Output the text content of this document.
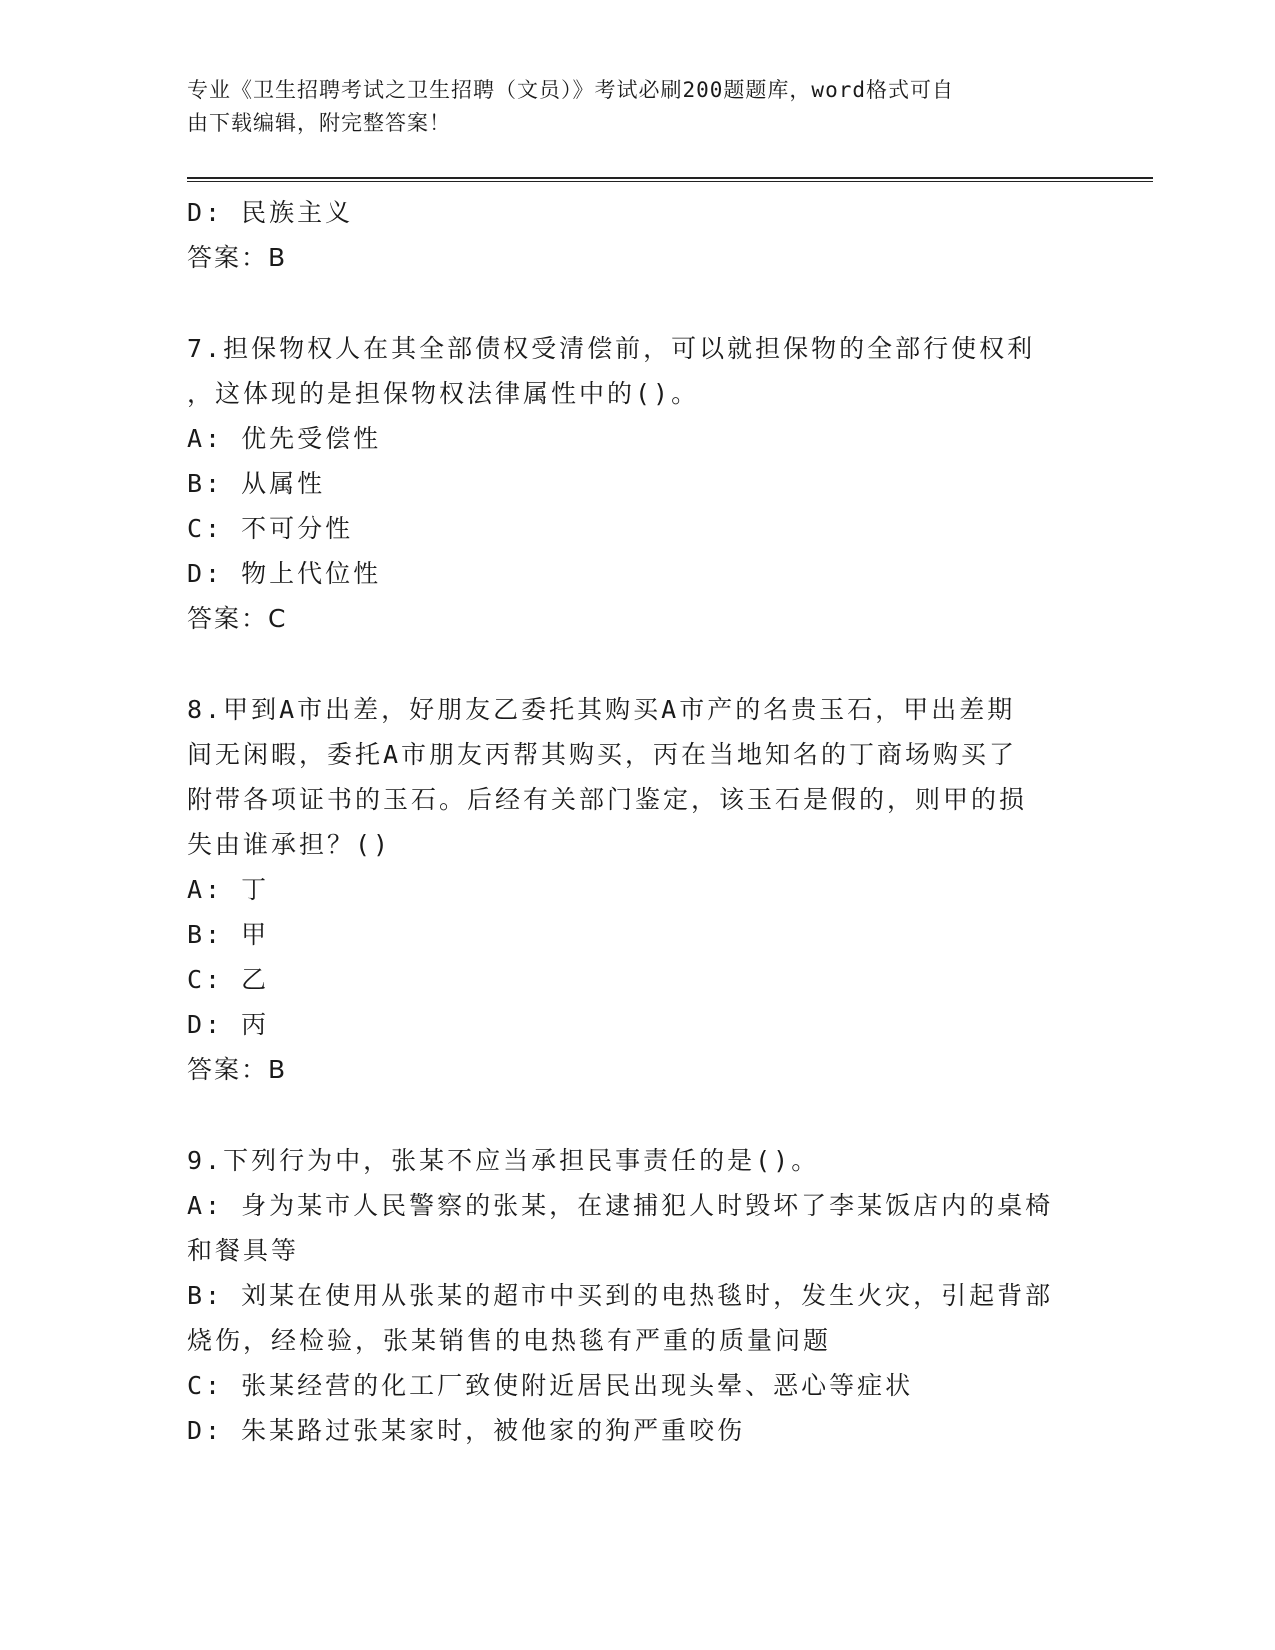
专业《卫生招聘考试之卫生招聘（文员）》考试必刷200题题库，word格式可自
由下载编辑，附完整答案！
D: 民族主义
答案：B
7.担保物权人在其全部债权受清偿前，可以就担保物的全部行使权利
，这体现的是担保物权法律属性中的()。
A: 优先受偿性
B: 从属性
C: 不可分性
D: 物上代位性
答案：C
8.甲到A市出差，好朋友乙委托其购买A市产的名贵玉石，甲出差期
间无闲暇，委托A市朋友丙帮其购买，丙在当地知名的丁商场购买了
附带各项证书的玉石。后经有关部门鉴定，该玉石是假的，则甲的损
失由谁承担？()
A: 丁
B: 甲
C: 乙
D: 丙
答案：B
9.下列行为中，张某不应当承担民事责任的是()。
A: 身为某市人民警察的张某，在逮捕犯人时毁坏了李某饭店内的桌椅
和餐具等
B: 刘某在使用从张某的超市中买到的电热毯时，发生火灾，引起背部
烧伤，经检验，张某销售的电热毯有严重的质量问题
C: 张某经营的化工厂致使附近居民出现头晕、恶心等症状
D: 朱某路过张某家时，被他家的狗严重咬伤
